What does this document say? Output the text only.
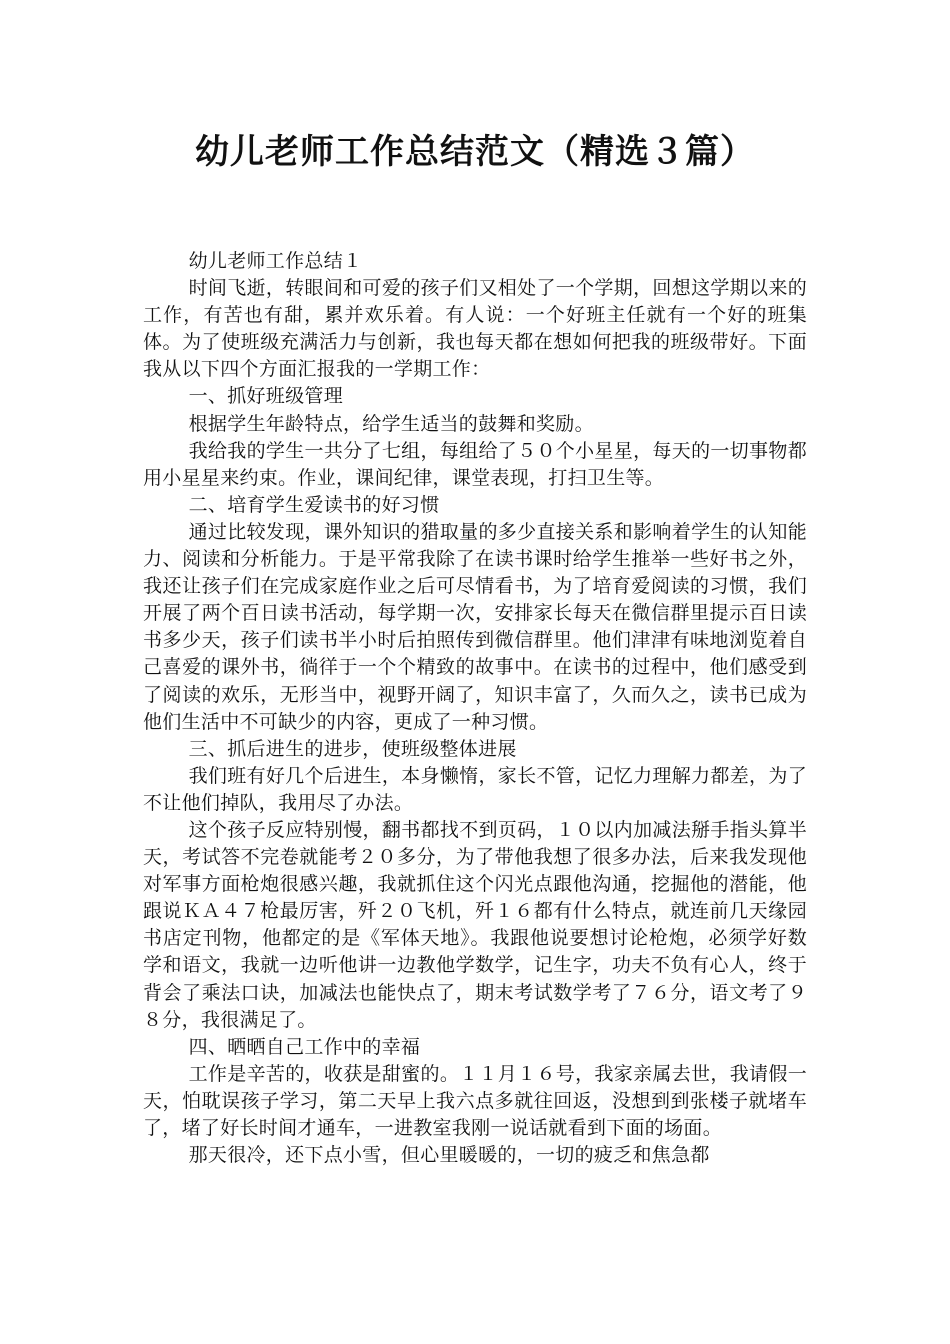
幼儿老师工作总结范文（精选３篇）

幼儿老师工作总结１

时间飞逝，转眼间和可爱的孩子们又相处了一个学期，回想这学期以来的工作，有苦也有甜，累并欢乐着。有人说：一个好班主任就有一个好的班集体。为了使班级充满活力与创新，我也每天都在想如何把我的班级带好。下面我从以下四个方面汇报我的一学期工作：

一、抓好班级管理

根据学生年龄特点，给学生适当的鼓舞和奖励。

我给我的学生一共分了七组，每组给了５０个小星星，每天的一切事物都用小星星来约束。作业，课间纪律，课堂表现，打扫卫生等。

二、培育学生爱读书的好习惯

通过比较发现，课外知识的猎取量的多少直接关系和影响着学生的认知能力、阅读和分析能力。于是平常我除了在读书课时给学生推举一些好书之外，我还让孩子们在完成家庭作业之后可尽情看书，为了培育爱阅读的习惯，我们开展了两个百日读书活动，每学期一次，安排家长每天在微信群里提示百日读书多少天，孩子们读书半小时后拍照传到微信群里。他们津津有味地浏览着自己喜爱的课外书，徜徉于一个个精致的故事中。在读书的过程中，他们感受到了阅读的欢乐，无形当中，视野开阔了，知识丰富了，久而久之，读书已成为他们生活中不可缺少的内容，更成了一种习惯。

三、抓后进生的进步，使班级整体进展

我们班有好几个后进生，本身懒惰，家长不管，记忆力理解力都差，为了不让他们掉队，我用尽了办法。

这个孩子反应特别慢，翻书都找不到页码，１０以内加减法掰手指头算半天，考试答不完卷就能考２０多分，为了带他我想了很多办法，后来我发现他对军事方面枪炮很感兴趣，我就抓住这个闪光点跟他沟通，挖掘他的潜能，他跟说ＫＡ４７枪最厉害，歼２０飞机，歼１６都有什么特点，就连前几天缘园书店定刊物，他都定的是《军体天地》。我跟他说要想讨论枪炮，必须学好数学和语文，我就一边听他讲一边教他学数学，记生字，功夫不负有心人，终于背会了乘法口诀，加减法也能快点了，期末考试数学考了７６分，语文考了９８分，我很满足了。

四、晒晒自己工作中的幸福

工作是辛苦的，收获是甜蜜的。１１月１６号，我家亲属去世，我请假一天，怕耽误孩子学习，第二天早上我六点多就往回返，没想到到张楼子就堵车了，堵了好长时间才通车，一进教室我刚一说话就看到下面的场面。

那天很冷，还下点小雪，但心里暖暖的，一切的疲乏和焦急都
